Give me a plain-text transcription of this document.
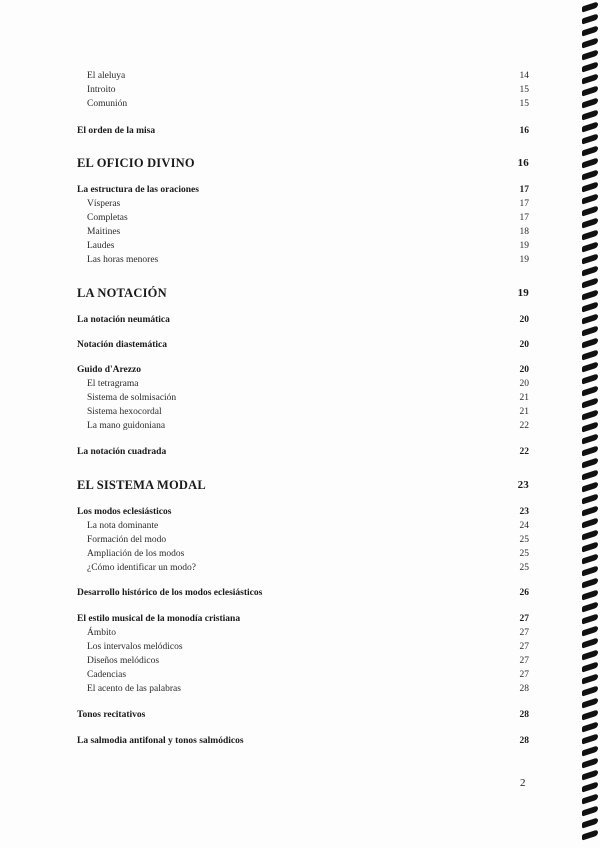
El aleluya	14
Introito	15
Comunión	15
El orden de la misa	16
EL OFICIO DIVINO	16
La estructura de las oraciones	17
Vísperas	17
Completas	17
Maitines	18
Laudes	19
Las horas menores	19
LA NOTACIÓN	19
La notación neumática	20
Notación diastemática	20
Guido d'Arezzo	20
El tetragrama	20
Sistema de solmisación	21
Sistema hexocordal	21
La mano guidoniana	22
La notación cuadrada	22
EL SISTEMA MODAL	23
Los modos eclesiásticos	23
La nota dominante	24
Formación del modo	25
Ampliación de los modos	25
¿Cómo identificar un modo?	25
Desarrollo histórico de los modos eclesiásticos	26
El estilo musical de la monodía cristiana	27
Ámbito	27
Los intervalos melódicos	27
Diseños melódicos	27
Cadencias	27
El acento de las palabras	28
Tonos recitativos	28
La salmodia antifonal y tonos salmódicos	28
2
